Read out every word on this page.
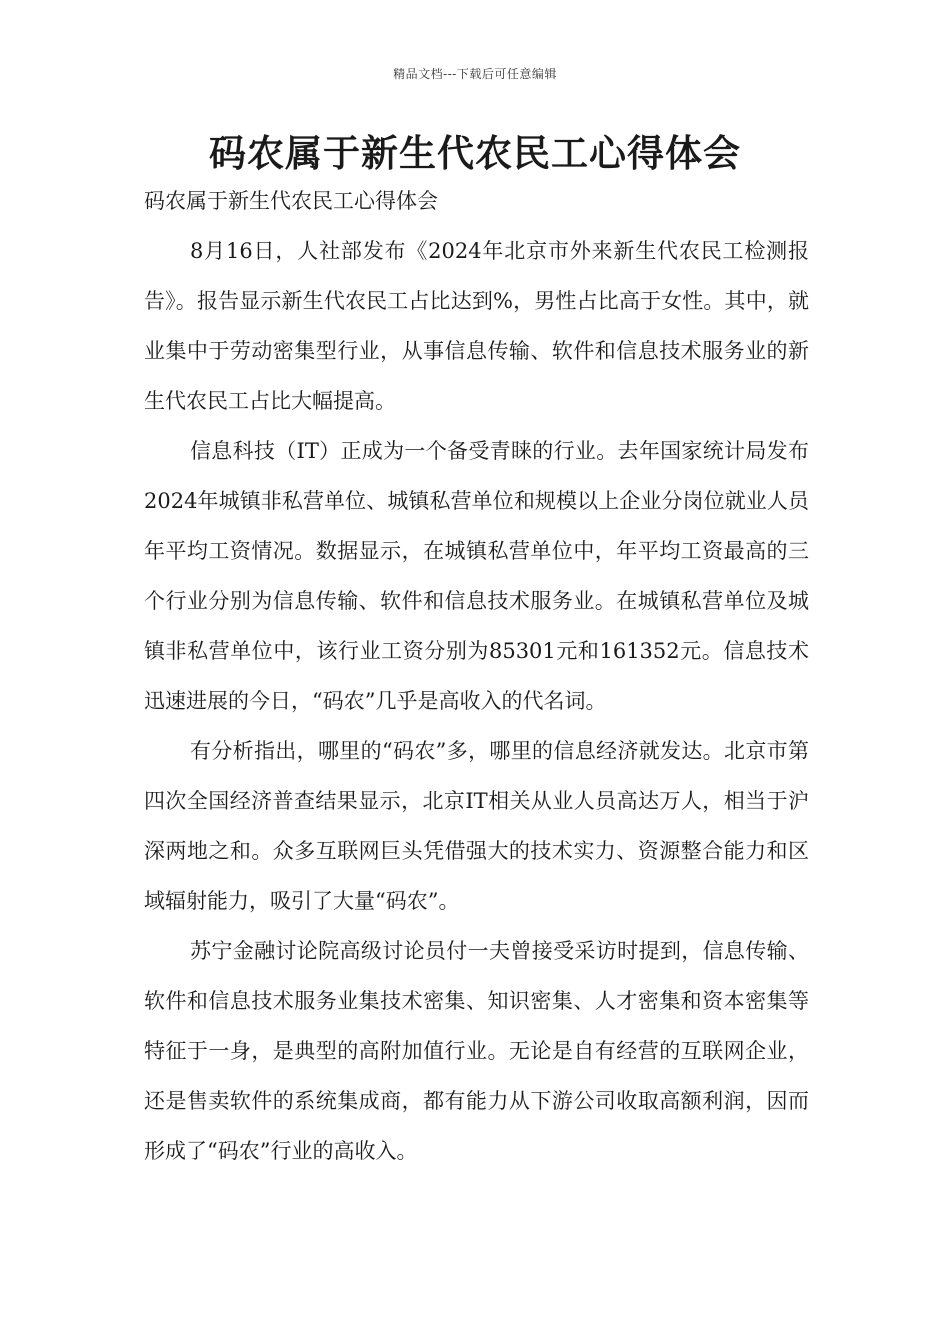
精品文档---下载后可任意编辑
码农属于新生代农民工心得体会

码农属于新生代农民工心得体会

8月16日，人社部发布《2024年北京市外来新生代农民工检测报告》。报告显示新生代农民工占比达到%，男性占比高于女性。其中，就业集中于劳动密集型行业，从事信息传输、软件和信息技术服务业的新生代农民工占比大幅提高。

信息科技（IT）正成为一个备受青睐的行业。去年国家统计局发布2024年城镇非私营单位、城镇私营单位和规模以上企业分岗位就业人员年平均工资情况。数据显示，在城镇私营单位中，年平均工资最高的三个行业分别为信息传输、软件和信息技术服务业。在城镇私营单位及城镇非私营单位中，该行业工资分别为85301元和161352元。信息技术迅速进展的今日，“码农”几乎是高收入的代名词。

有分析指出，哪里的“码农”多，哪里的信息经济就发达。北京市第四次全国经济普查结果显示，北京IT相关从业人员高达万人，相当于沪深两地之和。众多互联网巨头凭借强大的技术实力、资源整合能力和区域辐射能力，吸引了大量“码农”。

苏宁金融讨论院高级讨论员付一夫曾接受采访时提到，信息传输、软件和信息技术服务业集技术密集、知识密集、人才密集和资本密集等特征于一身，是典型的高附加值行业。无论是自有经营的互联网企业，还是售卖软件的系统集成商，都有能力从下游公司收取高额利润，因而形成了“码农”行业的高收入。
